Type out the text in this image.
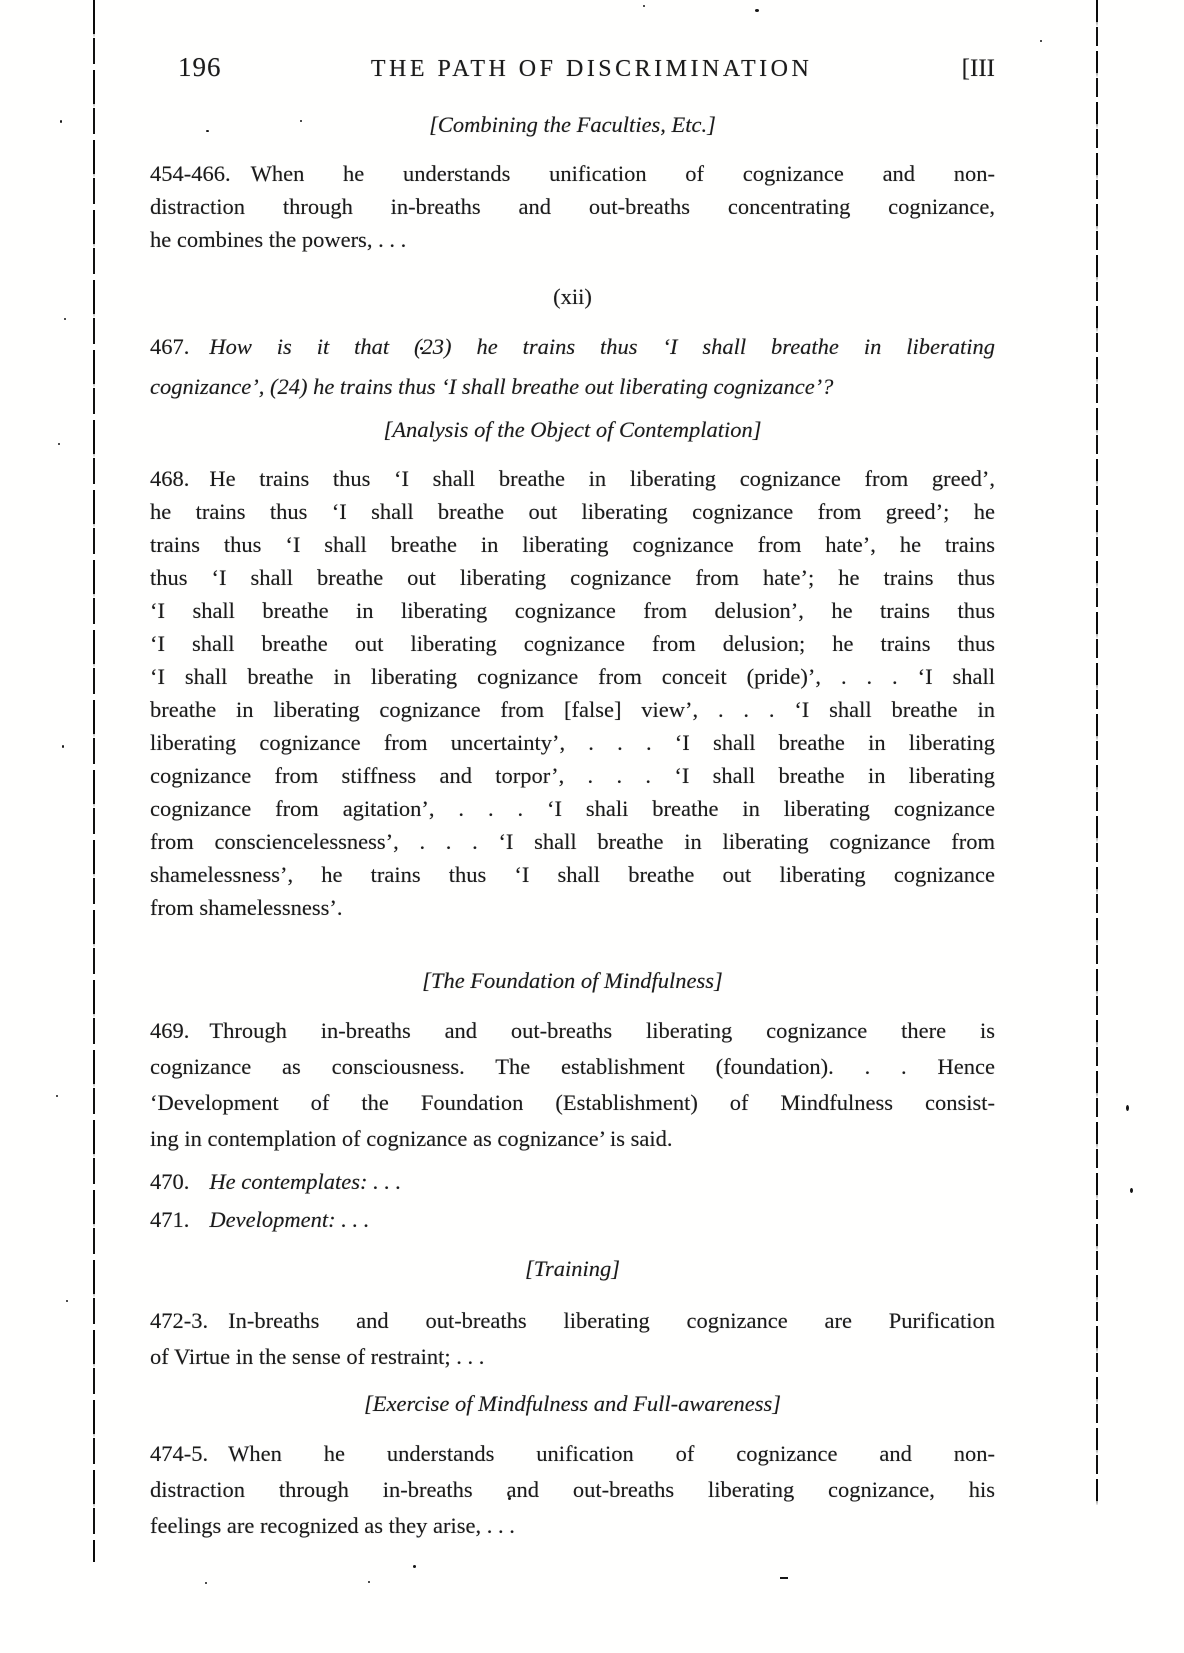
196	THE PATH OF DISCRIMINATION	[III
[Combining the Faculties, Etc.]
454-466. When he understands unification of cognizance and non-
distraction through in-breaths and out-breaths concentrating cognizance,
he combines the powers, . . .
(xii)
467. How is it that (23) he trains thus ‘I shall breathe in liberating
cognizance’, (24) he trains thus ‘I shall breathe out liberating cognizance’?
[Analysis of the Object of Contemplation]
468. He trains thus ‘I shall breathe in liberating cognizance from greed’,
he trains thus ‘I shall breathe out liberating cognizance from greed’; he
trains thus ‘I shall breathe in liberating cognizance from hate’, he trains
thus ‘I shall breathe out liberating cognizance from hate’; he trains thus
‘I shall breathe in liberating cognizance from delusion’, he trains thus
‘I shall breathe out liberating cognizance from delusion; he trains thus
‘I shall breathe in liberating cognizance from conceit (pride)’, . . . ‘I shall
breathe in liberating cognizance from [false] view’, . . . ‘I shall breathe in
liberating cognizance from uncertainty’, . . . ‘I shall breathe in liberating
cognizance from stiffness and torpor’, . . . ‘I shall breathe in liberating
cognizance from agitation’, . . . ‘I shali breathe in liberating cognizance
from consciencelessness’, . . . ‘I shall breathe in liberating cognizance from
shamelessness’, he trains thus ‘I shall breathe out liberating cognizance
from shamelessness’.
[The Foundation of Mindfulness]
469. Through in-breaths and out-breaths liberating cognizance there is
cognizance as consciousness. The establishment (foundation). . . Hence
‘Development of the Foundation (Establishment) of Mindfulness consist-
ing in contemplation of cognizance as cognizance’ is said.
470. He contemplates: . . .
471. Development: . . .
[Training]
472-3. In-breaths and out-breaths liberating cognizance are Purification
of Virtue in the sense of restraint; . . .
[Exercise of Mindfulness and Full-awareness]
474-5. When he understands unification of cognizance and non-
distraction through in-breaths and out-breaths liberating cognizance, his
feelings are recognized as they arise, . . .
